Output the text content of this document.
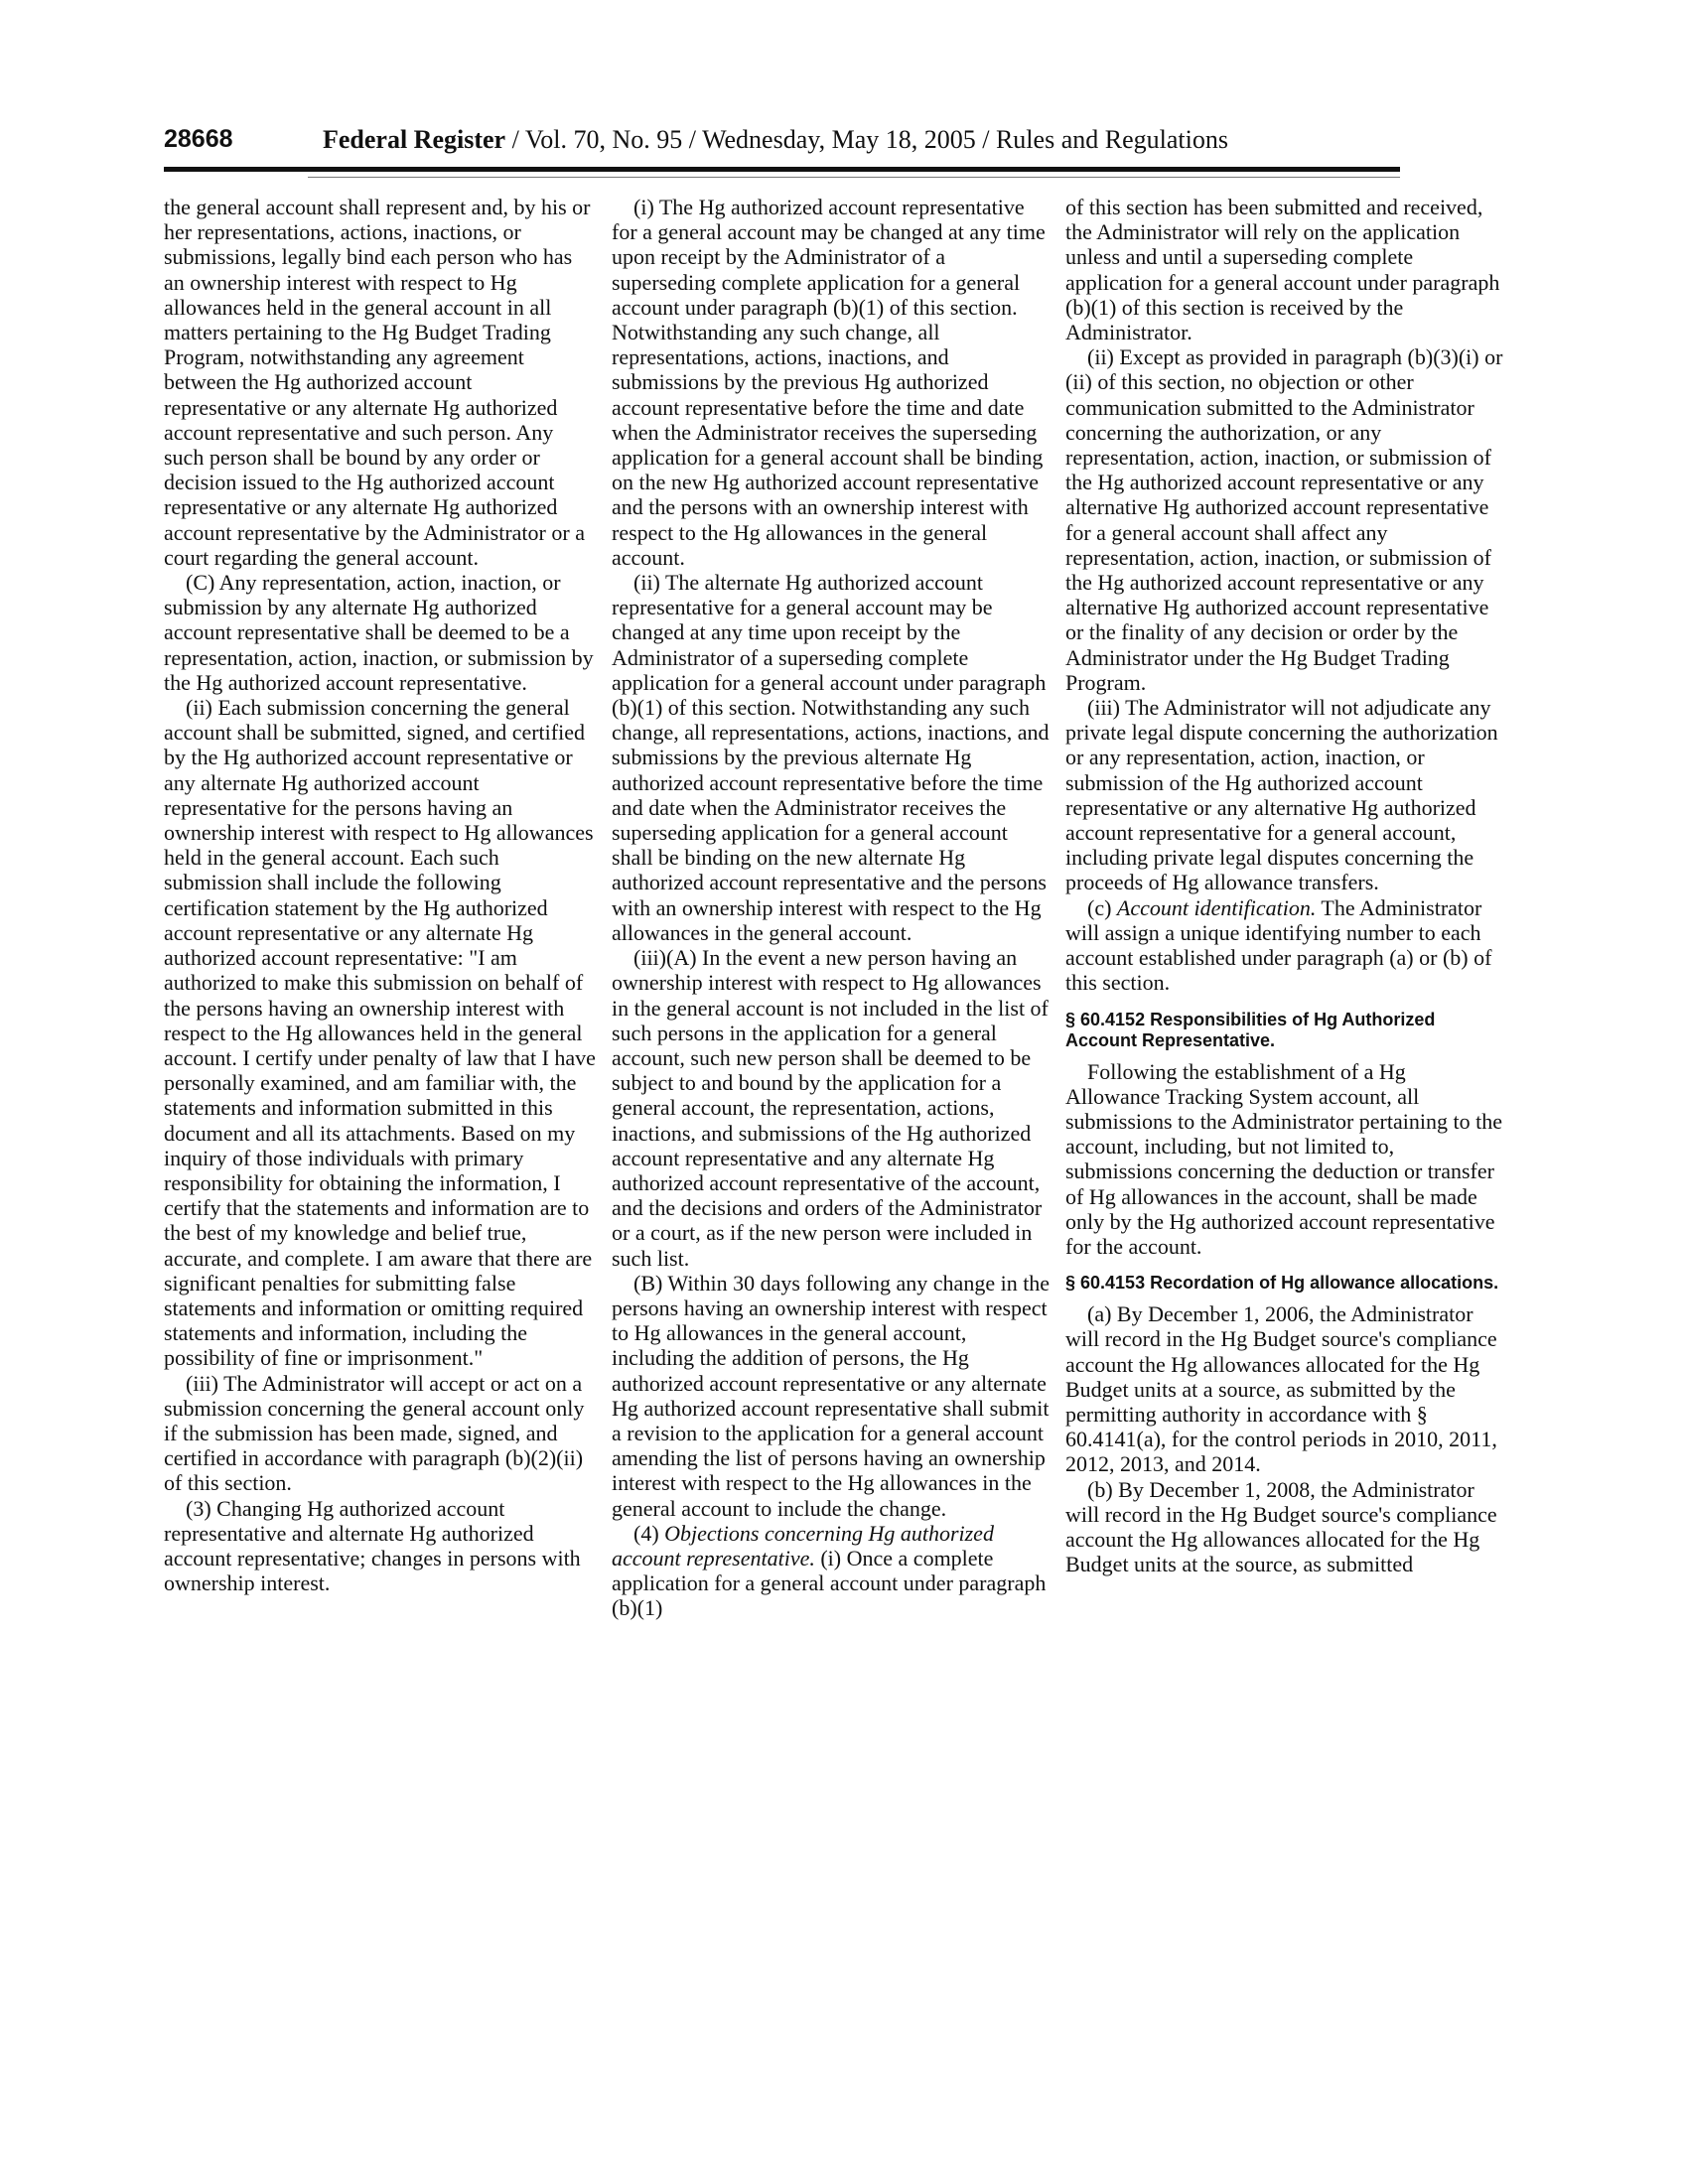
28668	Federal Register / Vol. 70, No. 95 / Wednesday, May 18, 2005 / Rules and Regulations

the general account shall represent and, by his or her representations, actions, inactions, or submissions, legally bind each person who has an ownership interest with respect to Hg allowances held in the general account in all matters pertaining to the Hg Budget Trading Program, notwithstanding any agreement between the Hg authorized account representative or any alternate Hg authorized account representative and such person. Any such person shall be bound by any order or decision issued to the Hg authorized account representative or any alternate Hg authorized account representative by the Administrator or a court regarding the general account.

(C) Any representation, action, inaction, or submission by any alternate Hg authorized account representative shall be deemed to be a representation, action, inaction, or submission by the Hg authorized account representative.

(ii) Each submission concerning the general account shall be submitted, signed, and certified by the Hg authorized account representative or any alternate Hg authorized account representative for the persons having an ownership interest with respect to Hg allowances held in the general account. Each such submission shall include the following certification statement by the Hg authorized account representative or any alternate Hg authorized account representative: "I am authorized to make this submission on behalf of the persons having an ownership interest with respect to the Hg allowances held in the general account. I certify under penalty of law that I have personally examined, and am familiar with, the statements and information submitted in this document and all its attachments. Based on my inquiry of those individuals with primary responsibility for obtaining the information, I certify that the statements and information are to the best of my knowledge and belief true, accurate, and complete. I am aware that there are significant penalties for submitting false statements and information or omitting required statements and information, including the possibility of fine or imprisonment."

(iii) The Administrator will accept or act on a submission concerning the general account only if the submission has been made, signed, and certified in accordance with paragraph (b)(2)(ii) of this section.

(3) Changing Hg authorized account representative and alternate Hg authorized account representative; changes in persons with ownership interest.

(i) The Hg authorized account representative for a general account may be changed at any time upon receipt by the Administrator of a superseding complete application for a general account under paragraph (b)(1) of this section. Notwithstanding any such change, all representations, actions, inactions, and submissions by the previous Hg authorized account representative before the time and date when the Administrator receives the superseding application for a general account shall be binding on the new Hg authorized account representative and the persons with an ownership interest with respect to the Hg allowances in the general account.

(ii) The alternate Hg authorized account representative for a general account may be changed at any time upon receipt by the Administrator of a superseding complete application for a general account under paragraph (b)(1) of this section. Notwithstanding any such change, all representations, actions, inactions, and submissions by the previous alternate Hg authorized account representative before the time and date when the Administrator receives the superseding application for a general account shall be binding on the new alternate Hg authorized account representative and the persons with an ownership interest with respect to the Hg allowances in the general account.

(iii)(A) In the event a new person having an ownership interest with respect to Hg allowances in the general account is not included in the list of such persons in the application for a general account, such new person shall be deemed to be subject to and bound by the application for a general account, the representation, actions, inactions, and submissions of the Hg authorized account representative and any alternate Hg authorized account representative of the account, and the decisions and orders of the Administrator or a court, as if the new person were included in such list.

(B) Within 30 days following any change in the persons having an ownership interest with respect to Hg allowances in the general account, including the addition of persons, the Hg authorized account representative or any alternate Hg authorized account representative shall submit a revision to the application for a general account amending the list of persons having an ownership interest with respect to the Hg allowances in the general account to include the change.

(4) Objections concerning Hg authorized account representative. (i) Once a complete application for a general account under paragraph (b)(1)

of this section has been submitted and received, the Administrator will rely on the application unless and until a superseding complete application for a general account under paragraph (b)(1) of this section is received by the Administrator.

(ii) Except as provided in paragraph (b)(3)(i) or (ii) of this section, no objection or other communication submitted to the Administrator concerning the authorization, or any representation, action, inaction, or submission of the Hg authorized account representative or any alternative Hg authorized account representative for a general account shall affect any representation, action, inaction, or submission of the Hg authorized account representative or any alternative Hg authorized account representative or the finality of any decision or order by the Administrator under the Hg Budget Trading Program.

(iii) The Administrator will not adjudicate any private legal dispute concerning the authorization or any representation, action, inaction, or submission of the Hg authorized account representative or any alternative Hg authorized account representative for a general account, including private legal disputes concerning the proceeds of Hg allowance transfers.

(c) Account identification. The Administrator will assign a unique identifying number to each account established under paragraph (a) or (b) of this section.

§ 60.4152 Responsibilities of Hg Authorized Account Representative.

Following the establishment of a Hg Allowance Tracking System account, all submissions to the Administrator pertaining to the account, including, but not limited to, submissions concerning the deduction or transfer of Hg allowances in the account, shall be made only by the Hg authorized account representative for the account.

§ 60.4153 Recordation of Hg allowance allocations.

(a) By December 1, 2006, the Administrator will record in the Hg Budget source's compliance account the Hg allowances allocated for the Hg Budget units at a source, as submitted by the permitting authority in accordance with § 60.4141(a), for the control periods in 2010, 2011, 2012, 2013, and 2014.

(b) By December 1, 2008, the Administrator will record in the Hg Budget source's compliance account the Hg allowances allocated for the Hg Budget units at the source, as submitted
